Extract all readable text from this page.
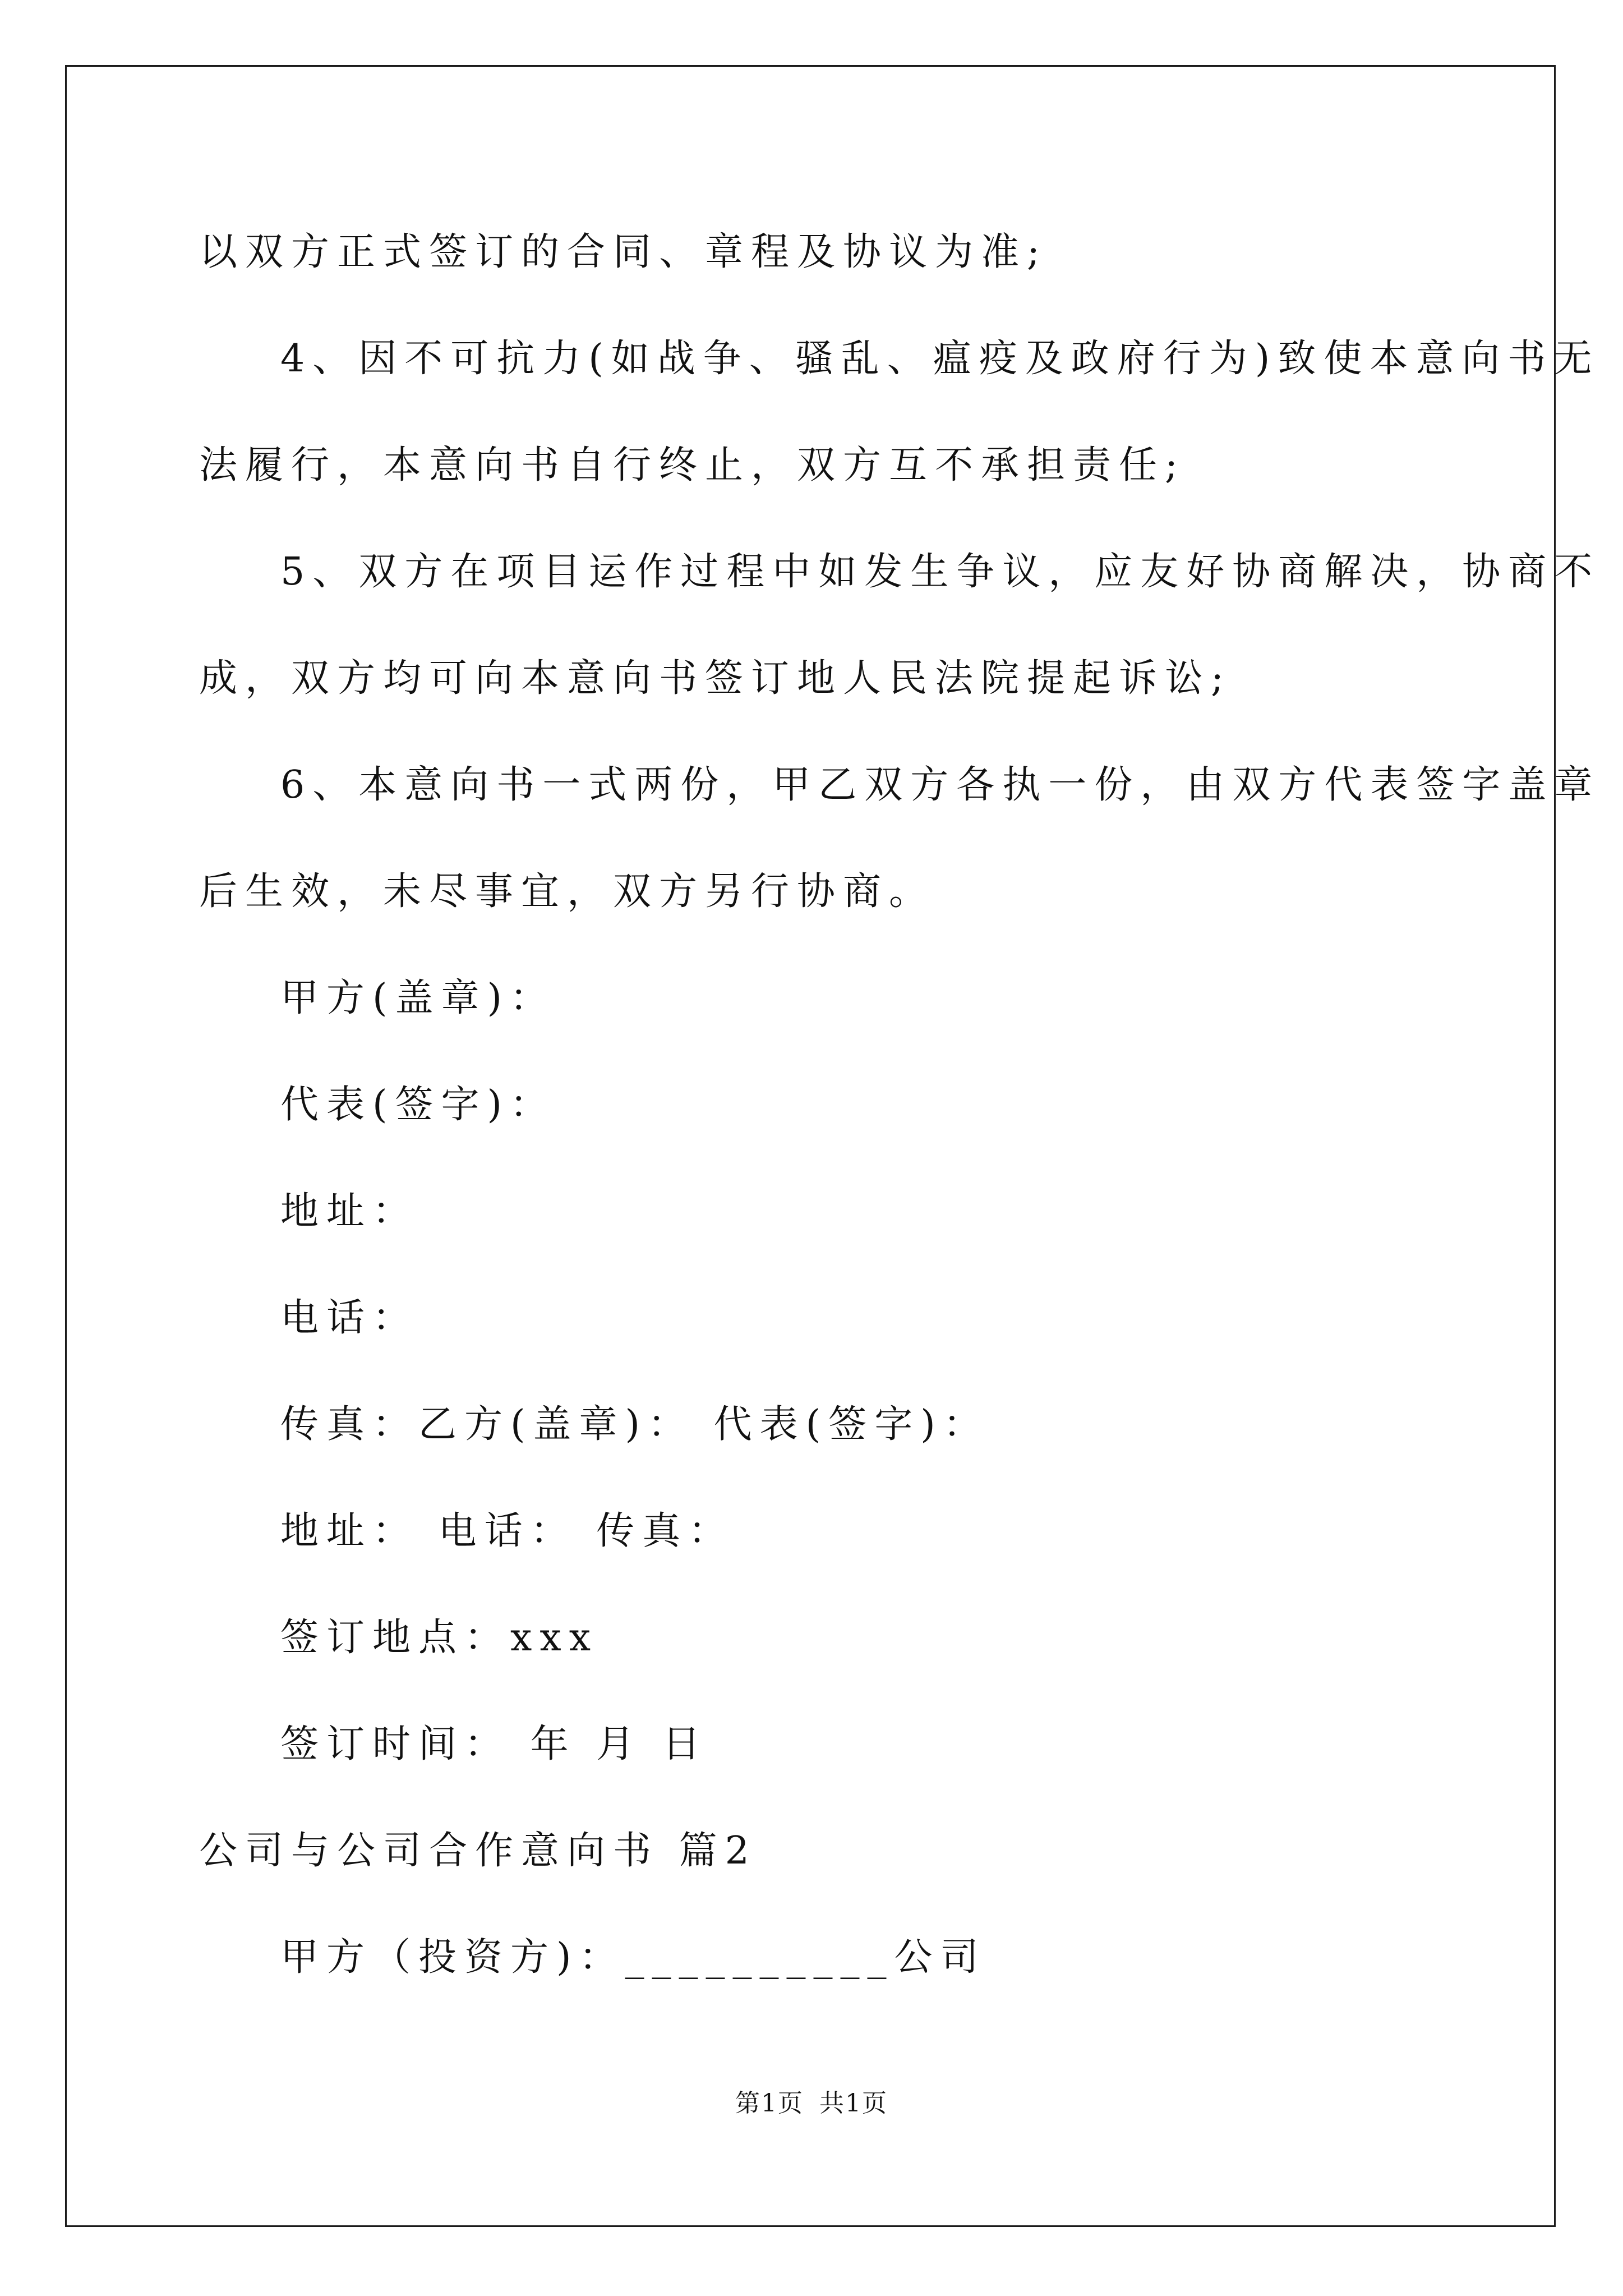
以双方正式签订的合同、章程及协议为准;
4、因不可抗力(如战争、骚乱、瘟疫及政府行为)致使本意向书无
法履行，本意向书自行终止，双方互不承担责任;
5、双方在项目运作过程中如发生争议，应友好协商解决，协商不
成，双方均可向本意向书签订地人民法院提起诉讼;
6、本意向书一式两份，甲乙双方各执一份，由双方代表签字盖章
后生效，未尽事宜，双方另行协商。
甲方(盖章)：
代表(签字)：
地址：
电话：
传真：乙方(盖章)： 代表(签字)：
地址： 电话： 传真：
签订地点：xxx
签订时间： 年 月 日
公司与公司合作意向书 篇2
甲方（投资方)：__________公司
第1页 共1页
